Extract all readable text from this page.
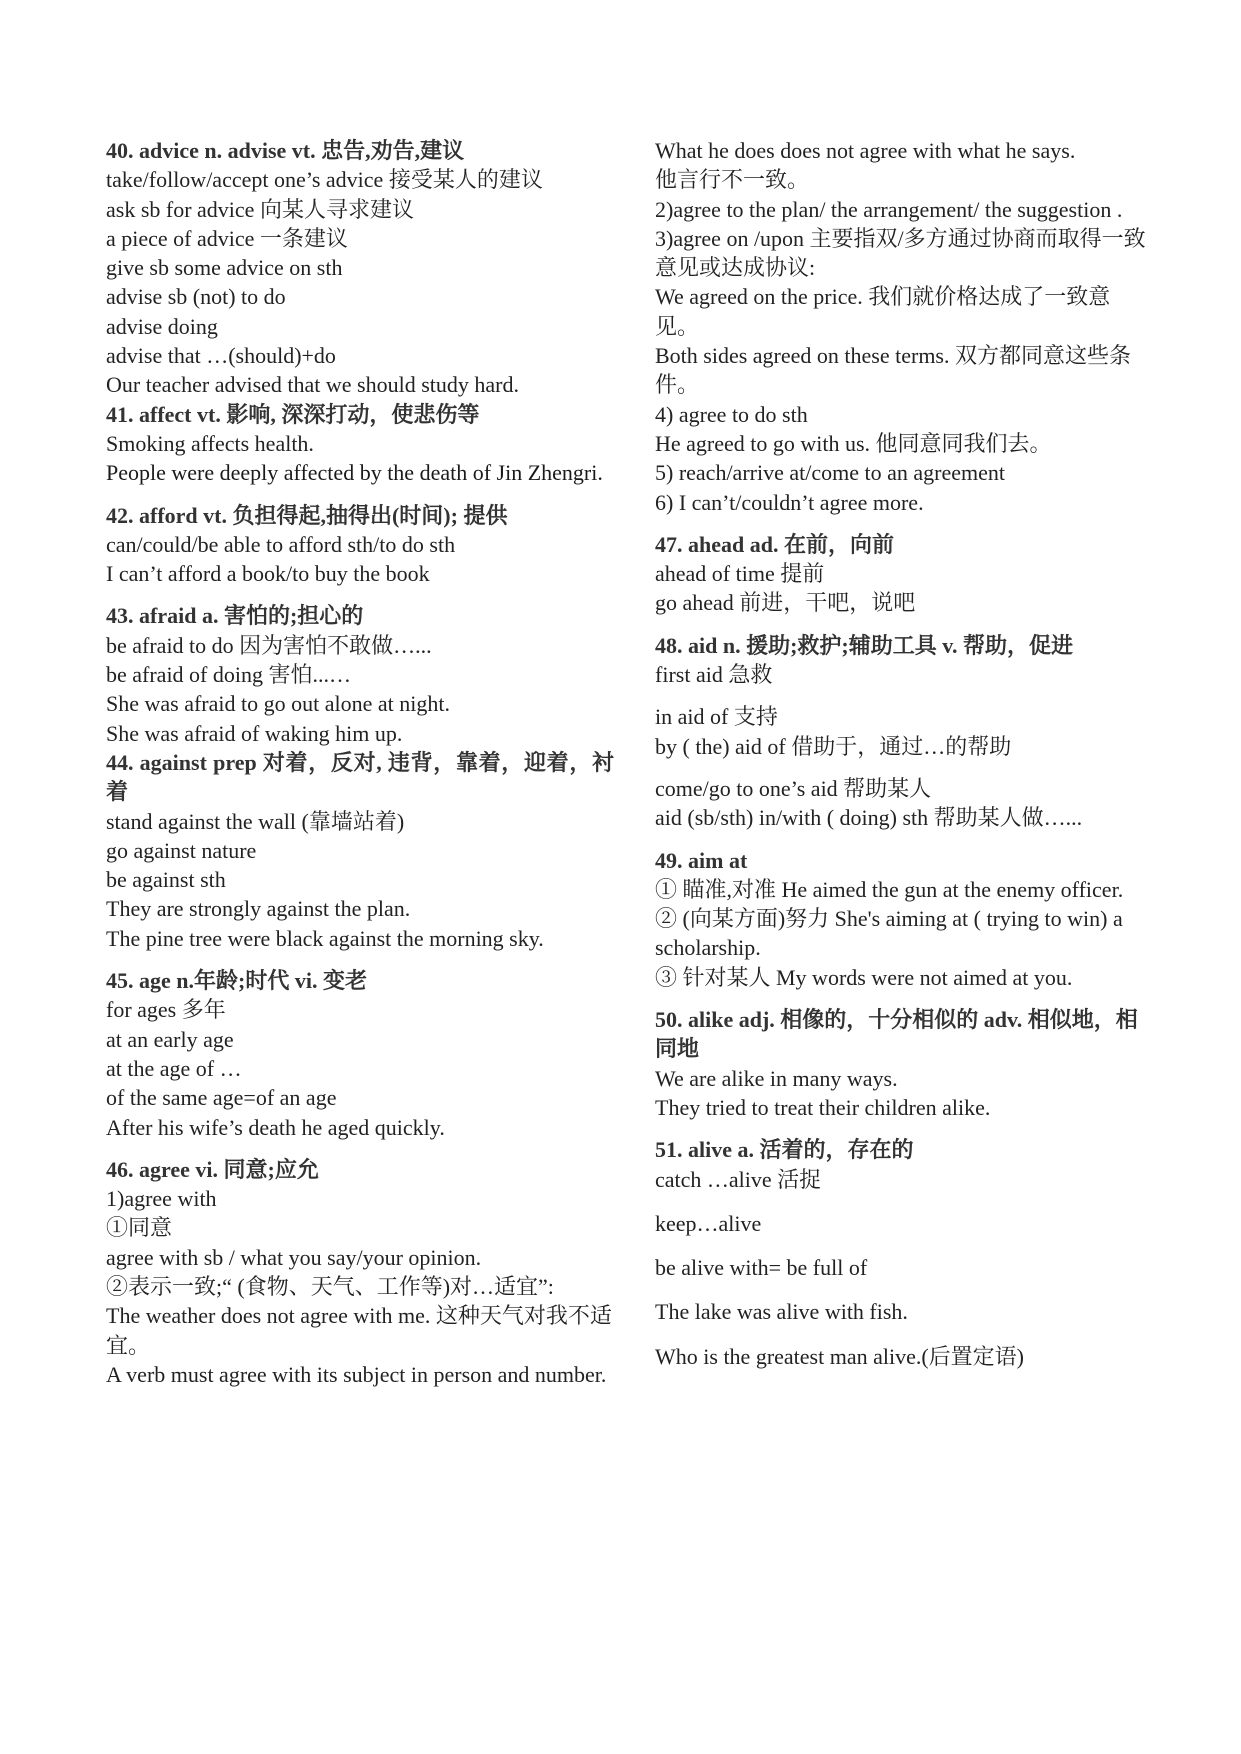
40. advice n. advise vt. 忠告,劝告,建议
take/follow/accept one’s advice 接受某人的建议
ask sb for advice 向某人寻求建议
a piece of advice 一条建议
give sb some advice on sth
advise sb (not) to do
advise doing
advise that …(should)+do
Our teacher advised that we should study hard.
41. affect vt. 影响, 深深打动，使悲伤等
Smoking affects health.
People were deeply affected by the death of Jin Zhengri.
42. afford vt. 负担得起,抽得出(时间); 提供
can/could/be able to afford sth/to do sth
I can’t afford a book/to buy the book
43. afraid a. 害怕的;担心的
be afraid to do 因为害怕不敢做…...
be afraid of doing 害怕...…
She was afraid to go out alone at night.
She was afraid of waking him up.
44. against prep 对着，反对, 违背，靠着，迎着，衬着
stand against the wall (靠墙站着)
go against nature
be against sth
They are strongly against the plan.
The pine tree were black against the morning sky.
45. age n.年龄;时代 vi. 变老
for ages 多年
at an early age
at the age of …
of the same age=of an age
After his wife’s death he aged quickly.
46. agree vi. 同意;应允
1)agree with
①同意
agree with sb / what you say/your opinion.
②表示一致;“ (食物、天气、工作等)对…适宜”:
The weather does not agree with me. 这种天气对我不适宜。
A verb must agree with its subject in person and number.
What he does does not agree with what he says.
他言行不一致。
2)agree to the plan/ the arrangement/ the suggestion .
3)agree on /upon 主要指双/多方通过协商而取得一致意见或达成协议:
We agreed on the price. 我们就价格达成了一致意见。
Both sides agreed on these terms. 双方都同意这些条件。
4) agree to do sth
He agreed to go with us. 他同意同我们去。
5) reach/arrive at/come to an agreement
6) I can’t/couldn’t agree more.
47. ahead ad. 在前，向前
ahead of time 提前
go ahead 前进，干吧，说吧
48. aid n. 援助;救护;辅助工具 v. 帮助，促进
first aid 急救
in aid of 支持
by ( the) aid of 借助于，通过…的帮助
come/go to one’s aid 帮助某人
aid (sb/sth) in/with ( doing) sth 帮助某人做…...
49. aim at
① 瞄准,对准 He aimed the gun at the enemy officer.
② (向某方面)努力 She's aiming at ( trying to win) a scholarship.
③ 针对某人 My words were not aimed at you.
50. alike adj. 相像的，十分相似的 adv. 相似地，相同地
We are alike in many ways.
They tried to treat their children alike.
51. alive a. 活着的，存在的
catch …alive 活捉
keep…alive
be alive with= be full of
The lake was alive with fish.
Who is the greatest man alive.(后置定语)
